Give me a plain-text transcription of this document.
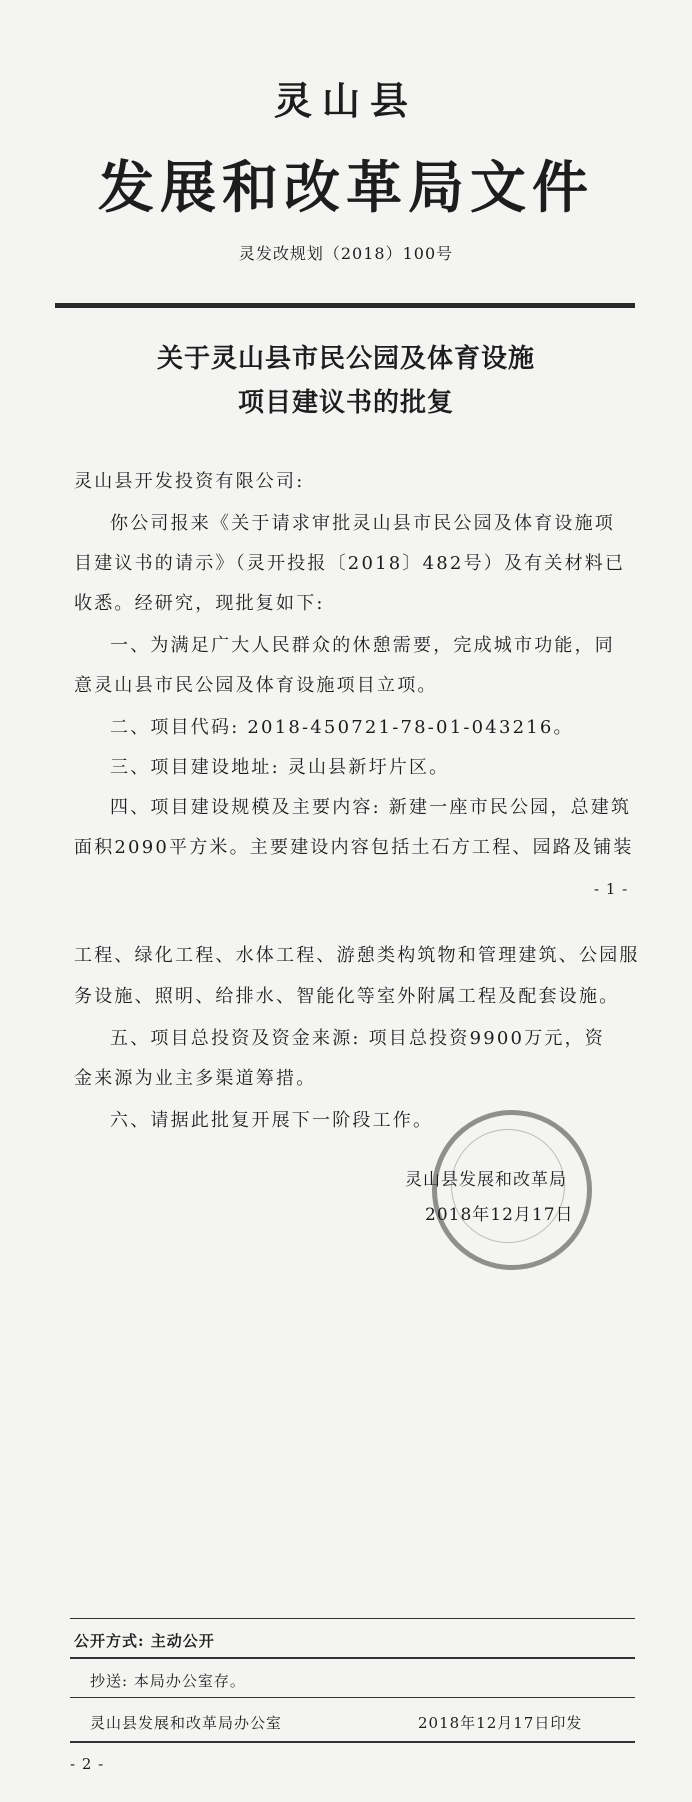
灵山县
发展和改革局文件
灵发改规划（2018）100号
关于灵山县市民公园及体育设施
项目建议书的批复
灵山县开发投资有限公司:
你公司报来《关于请求审批灵山县市民公园及体育设施项
目建议书的请示》（灵开投报〔2018〕482号）及有关材料已
收悉。经研究，现批复如下:
一、为满足广大人民群众的休憩需要，完成城市功能，同
意灵山县市民公园及体育设施项目立项。
二、项目代码: 2018-450721-78-01-043216。
三、项目建设地址: 灵山县新圩片区。
四、项目建设规模及主要内容: 新建一座市民公园，总建筑
面积2090平方米。主要建设内容包括土石方工程、园路及铺装
- 1 -
工程、绿化工程、水体工程、游憩类构筑物和管理建筑、公园服
务设施、照明、给排水、智能化等室外附属工程及配套设施。
五、项目总投资及资金来源: 项目总投资9900万元，资
金来源为业主多渠道筹措。
六、请据此批复开展下一阶段工作。
灵山县发展和改革局
2018年12月17日
公开方式: 主动公开
抄送: 本局办公室存。
灵山县发展和改革局办公室	2018年12月17日印发
- 2 -
